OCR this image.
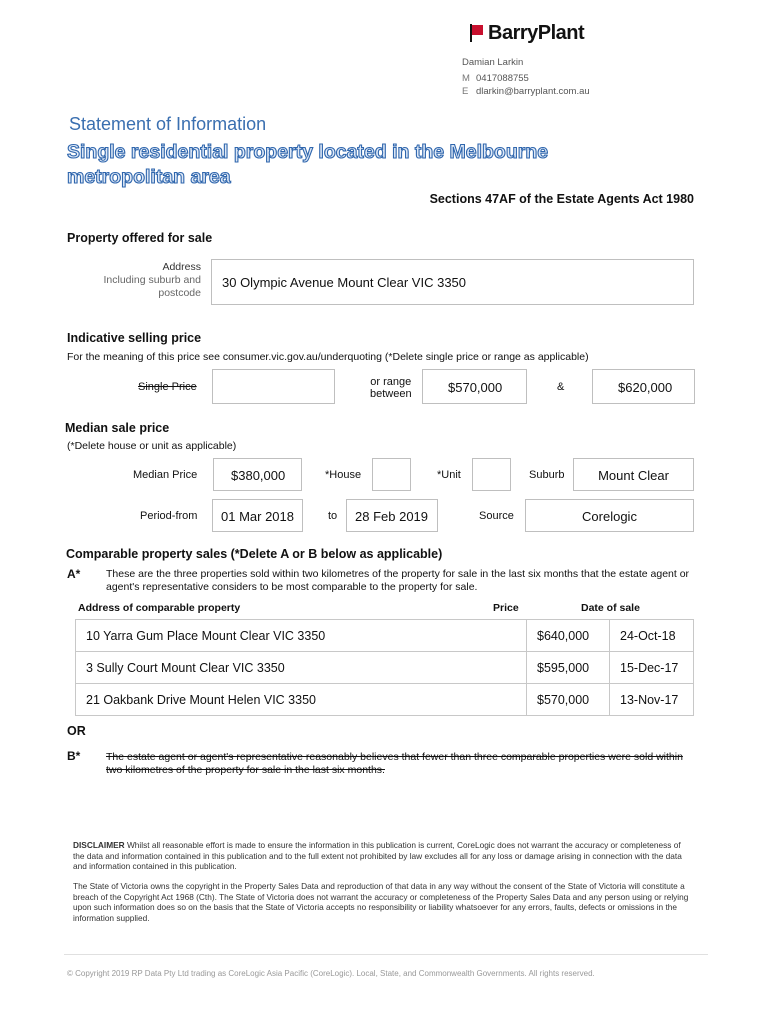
BarryPlant
Damian Larkin
M 0417088755
E dlarkin@barryplant.com.au
Statement of Information
Single residential property located in the Melbourne metropolitan area
Sections 47AF of the Estate Agents Act 1980
Property offered for sale
Address
Including suburb and
postcode
30 Olympic Avenue Mount Clear VIC 3350
Indicative selling price
For the meaning of this price see consumer.vic.gov.au/underquoting (*Delete single price or range as applicable)
Single Price	or range
between	$570,000	&	$620,000
Median sale price
(*Delete house or unit as applicable)
Median Price	$380,000	*House	*Unit	Suburb	Mount Clear
Period-from 01 Mar 2018	to 28 Feb 2019	Source	Corelogic
Comparable property sales (*Delete A or B below as applicable)
A* These are the three properties sold within two kilometres of the property for sale in the last six months that the estate agent or agent's representative considers to be most comparable to the property for sale.
Address of comparable property	Price	Date of sale
10 Yarra Gum Place Mount Clear VIC 3350	$640,000	24-Oct-18
3 Sully Court Mount Clear VIC 3350	$595,000	15-Dec-17
21 Oakbank Drive Mount Helen VIC 3350	$570,000	13-Nov-17
OR
B* The estate agent or agent's representative reasonably believes that fewer than three comparable properties were sold within two kilometres of the property for sale in the last six months.
DISCLAIMER Whilst all reasonable effort is made to ensure the information in this publication is current, CoreLogic does not warrant the accuracy or completeness of the data and information contained in this publication and to the full extent not prohibited by law excludes all for any loss or damage arising in connection with the data and information contained in this publication.
The State of Victoria owns the copyright in the Property Sales Data and reproduction of that data in any way without the consent of the State of Victoria will constitute a breach of the Copyright Act 1968 (Cth). The State of Victoria does not warrant the accuracy or completeness of the Property Sales Data and any person using or relying upon such information does so on the basis that the State of Victoria accepts no responsibility or liability whatsoever for any errors, faults, defects or omissions in the information supplied.
© Copyright 2019 RP Data Pty Ltd trading as CoreLogic Asia Pacific (CoreLogic). Local, State, and Commonwealth Governments. All rights reserved.
